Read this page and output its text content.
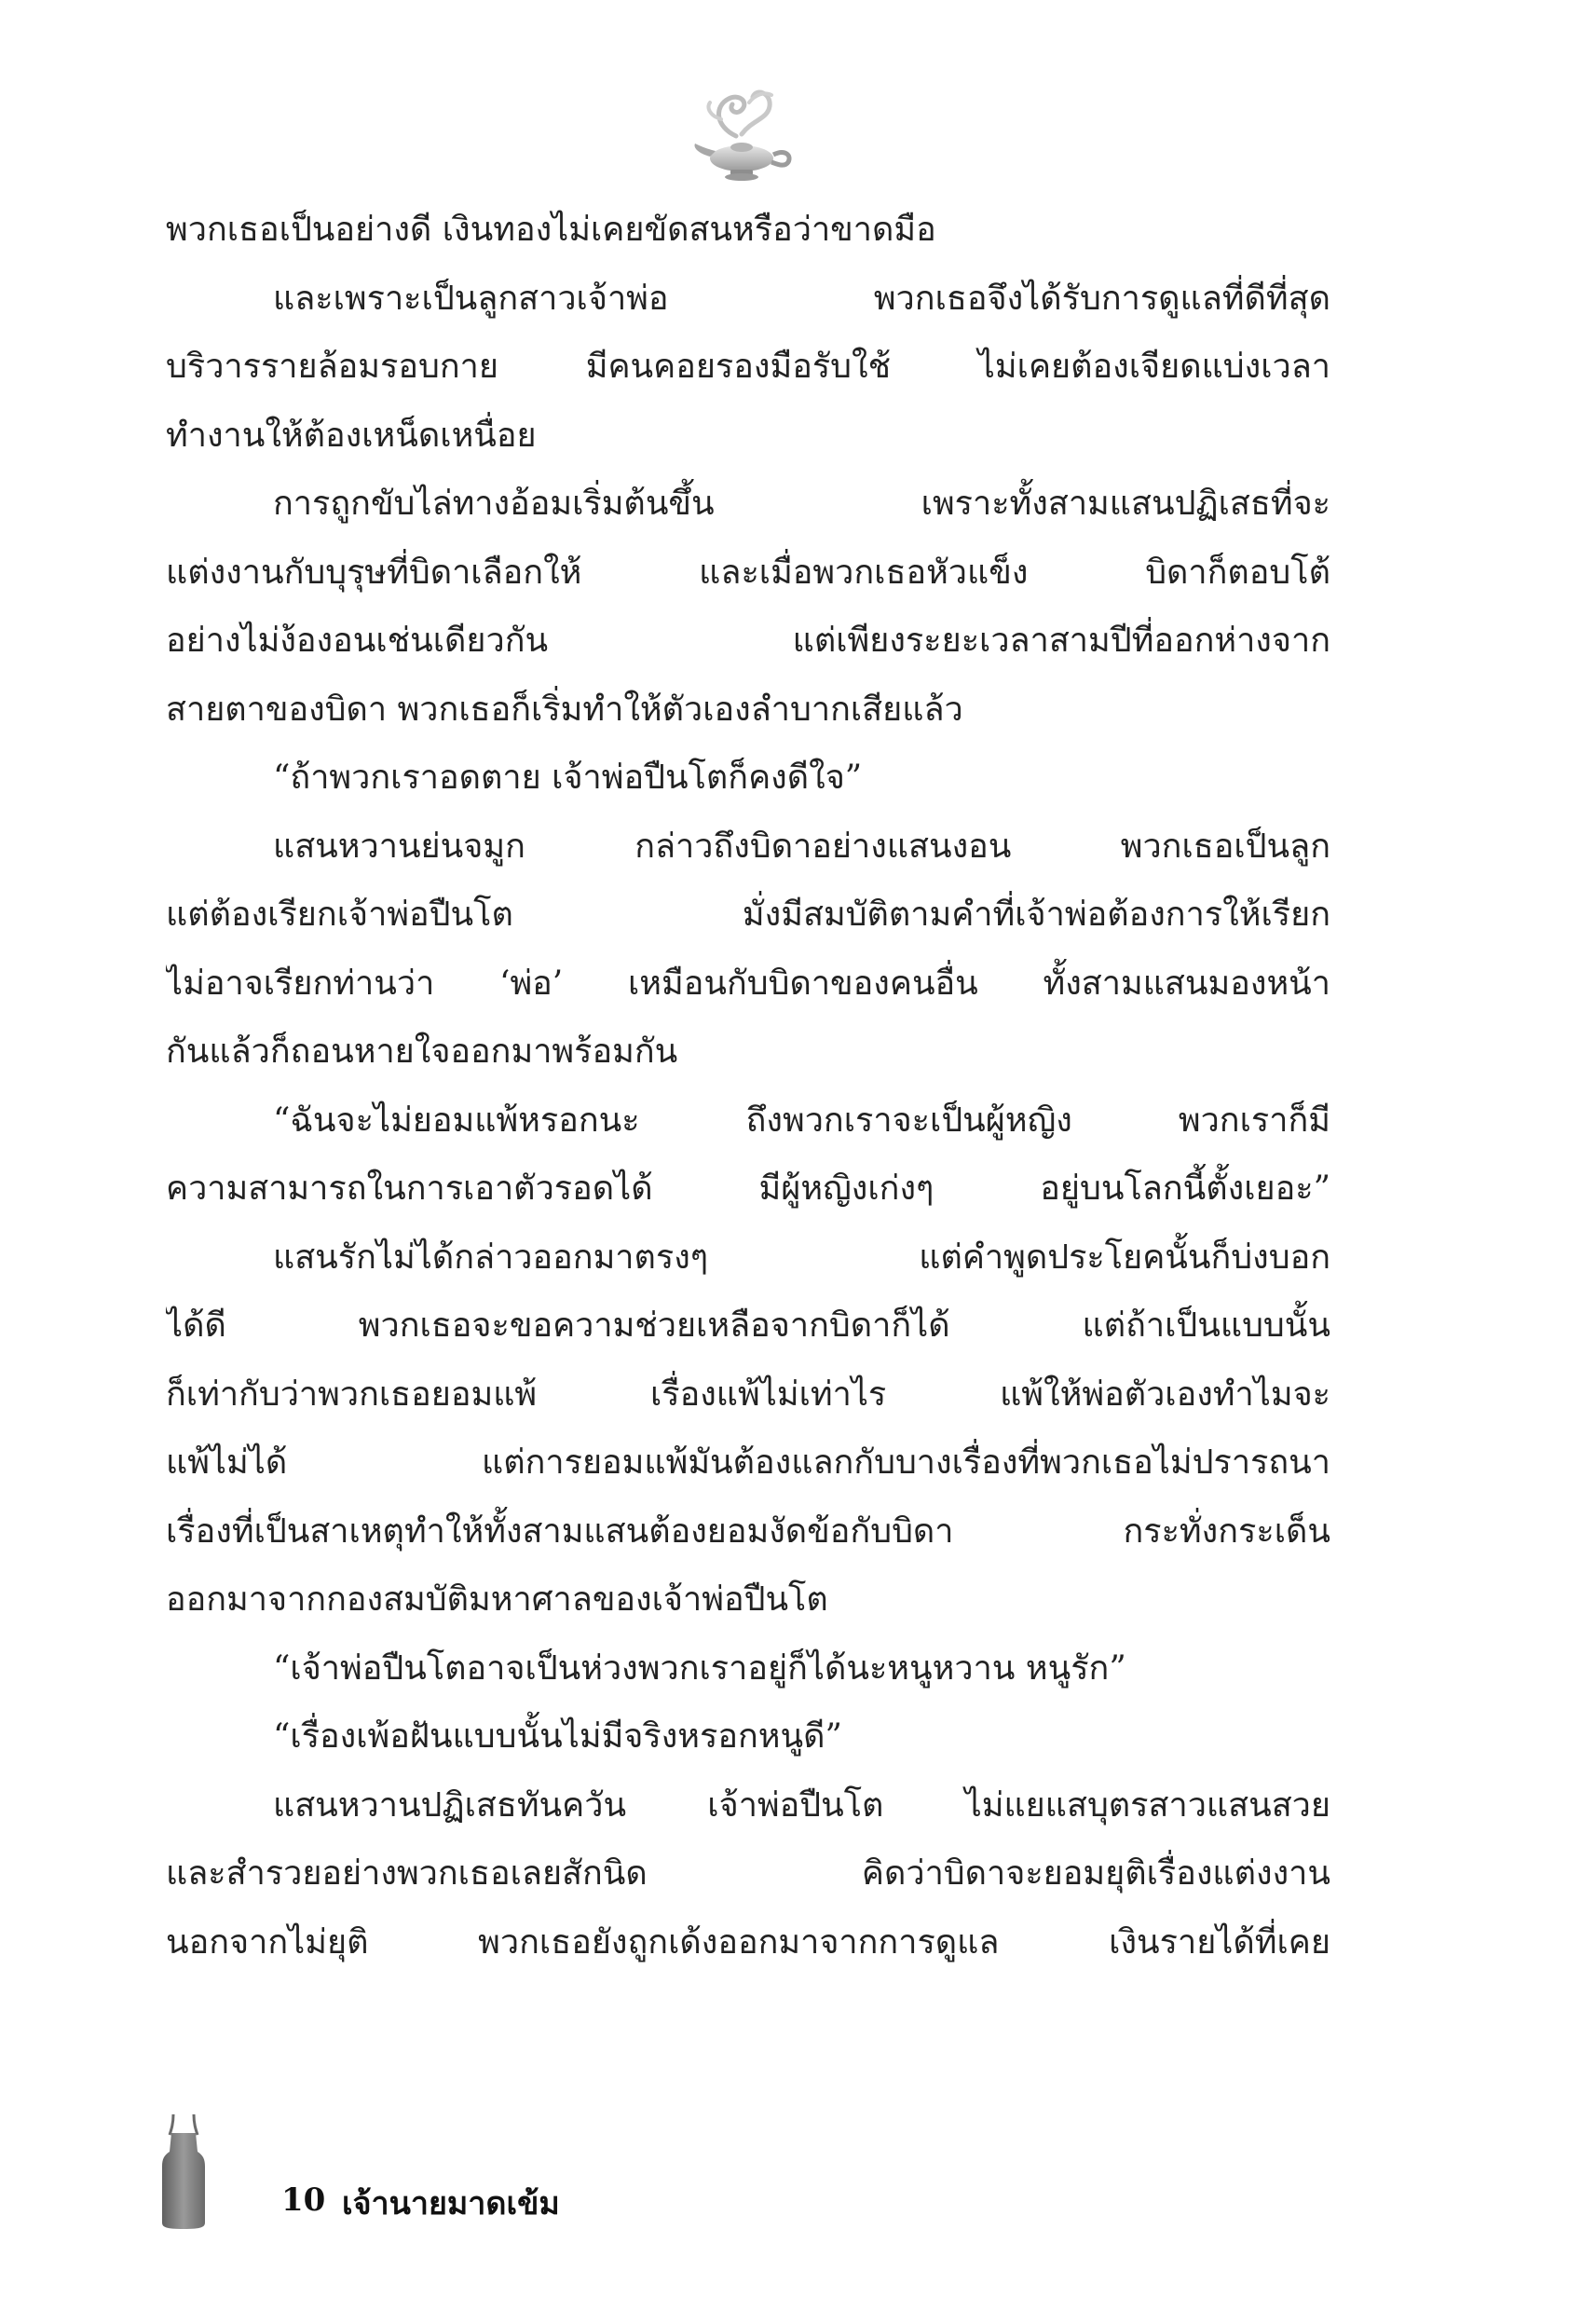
พวกเธอเป็นอย่างดี เงินทองไม่เคยขัดสนหรือว่าขาดมือ
และเพราะเป็นลูกสาวเจ้าพ่อ พวกเธอจึงได้รับการดูแลที่ดีที่สุด
บริวารรายล้อมรอบกาย มีคนคอยรองมือรับใช้ ไม่เคยต้องเจียดแบ่งเวลา
ทำงานให้ต้องเหน็ดเหนื่อย
การถูกขับไล่ทางอ้อมเริ่มต้นขึ้น เพราะทั้งสามแสนปฏิเสธที่จะ
แต่งงานกับบุรุษที่บิดาเลือกให้ และเมื่อพวกเธอหัวแข็ง บิดาก็ตอบโต้
อย่างไม่ง้องอนเช่นเดียวกัน แต่เพียงระยะเวลาสามปีที่ออกห่างจาก
สายตาของบิดา พวกเธอก็เริ่มทำให้ตัวเองลำบากเสียแล้ว
“ถ้าพวกเราอดตาย เจ้าพ่อปืนโตก็คงดีใจ”
แสนหวานย่นจมูก กล่าวถึงบิดาอย่างแสนงอน พวกเธอเป็นลูก
แต่ต้องเรียกเจ้าพ่อปืนโต มั่งมีสมบัติตามคำที่เจ้าพ่อต้องการให้เรียก
ไม่อาจเรียกท่านว่า ‘พ่อ’ เหมือนกับบิดาของคนอื่น ทั้งสามแสนมองหน้า
กันแล้วก็ถอนหายใจออกมาพร้อมกัน
“ฉันจะไม่ยอมแพ้หรอกนะ ถึงพวกเราจะเป็นผู้หญิง พวกเราก็มี
ความสามารถในการเอาตัวรอดได้ มีผู้หญิงเก่งๆ อยู่บนโลกนี้ตั้งเยอะ”
แสนรักไม่ได้กล่าวออกมาตรงๆ แต่คำพูดประโยคนั้นก็บ่งบอก
ได้ดี พวกเธอจะขอความช่วยเหลือจากบิดาก็ได้ แต่ถ้าเป็นแบบนั้น
ก็เท่ากับว่าพวกเธอยอมแพ้ เรื่องแพ้ไม่เท่าไร แพ้ให้พ่อตัวเองทำไมจะ
แพ้ไม่ได้ แต่การยอมแพ้มันต้องแลกกับบางเรื่องที่พวกเธอไม่ปรารถนา
เรื่องที่เป็นสาเหตุทำให้ทั้งสามแสนต้องยอมงัดข้อกับบิดา กระทั่งกระเด็น
ออกมาจากกองสมบัติมหาศาลของเจ้าพ่อปืนโต
“เจ้าพ่อปืนโตอาจเป็นห่วงพวกเราอยู่ก็ได้นะหนูหวาน หนูรัก”
“เรื่องเพ้อฝันแบบนั้นไม่มีจริงหรอกหนูดี”
แสนหวานปฏิเสธทันควัน เจ้าพ่อปืนโต ไม่แยแสบุตรสาวแสนสวย
และสำรวยอย่างพวกเธอเลยสักนิด คิดว่าบิดาจะยอมยุติเรื่องแต่งงาน
นอกจากไม่ยุติ พวกเธอยังถูกเด้งออกมาจากการดูแล เงินรายได้ที่เคย
10 เจ้านายมาดเข้ม
